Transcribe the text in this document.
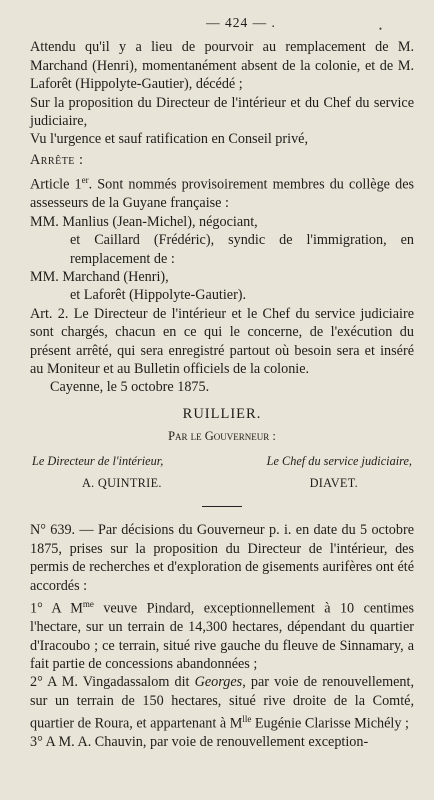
— 424 — .	•

Attendu qu'il y a lieu de pourvoir au remplacement de M. Marchand (Henri), momentanément absent de la colonie, et de M. Laforêt (Hippolyte-Gautier), décédé ;

Sur la proposition du Directeur de l'intérieur et du Chef du service judiciaire,

Vu l'urgence et sauf ratification en Conseil privé,

Arrête :

Article 1er. Sont nommés provisoirement membres du collège des assesseurs de la Guyane française :

MM. Manlius (Jean-Michel), négociant,

et Caillard (Frédéric), syndic de l'immigration, en remplacement de :

MM. Marchand (Henri),

et Laforêt (Hippolyte-Gautier).

Art. 2. Le Directeur de l'intérieur et le Chef du service judiciaire sont chargés, chacun en ce qui le concerne, de l'exécution du présent arrêté, qui sera enregistré partout où besoin sera et inséré au Moniteur et au Bulletin officiels de la colonie.

Cayenne, le 5 octobre 1875.

RUILLIER.
Par le Gouverneur :
Le Directeur de l'intérieur,	Le Chef du service judiciaire,
A. QUINTRIE.	DIAVET.

N° 639. — Par décisions du Gouverneur p. i. en date du 5 octobre 1875, prises sur la proposition du Directeur de l'intérieur, des permis de recherches et d'exploration de gisements aurifères ont été accordés :

1° A $M^{me}$ veuve Pindard, exceptionnellement à 10 centimes l'hectare, sur un terrain de 14,300 hectares, dépendant du quartier d'Iracoubo ; ce terrain, situé rive gauche du fleuve de Sinnamary, a fait partie de concessions abandonnées ;

2° A M. Vingadassalom dit Georges, par voie de renouvellement, sur un terrain de 150 hectares, situé rive droite de la Comté, quartier de Roura, et appartenant à $M^{lle}$ Eugénie Clarisse Michély ;

3° A M. A. Chauvin, par voie de renouvellement exception-
